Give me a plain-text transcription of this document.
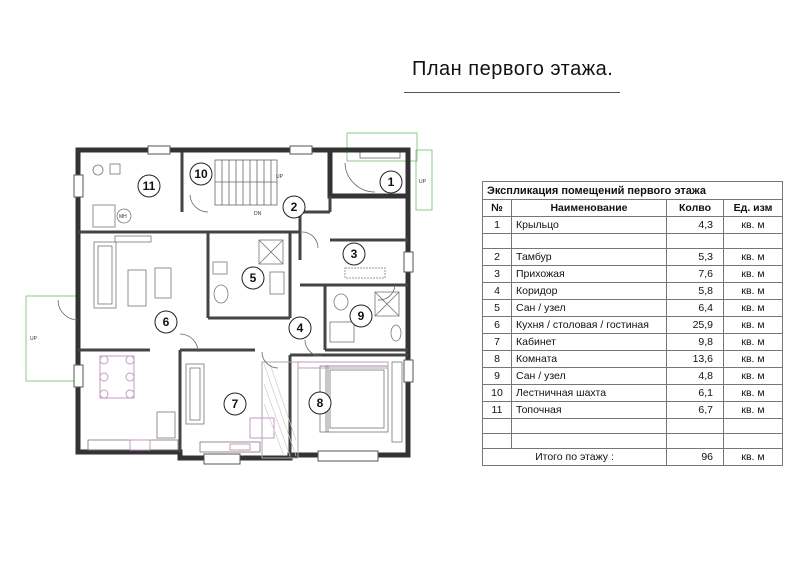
План первого этажа.
UP
UP
UP
DN
MH
1
2
3
4
5
6
7	8
9
10
11	Экспликация помещений первого этажа			
№	Наименование	Колво	Ед. изм
1	Крыльцо	4,3	кв. м

2	Тамбур	5,3	кв. м
3	Прихожая	7,6	кв. м
4	Коридор	5,8	кв. м
5	Сан / узел	6,4	кв. м
6	Кухня / столовая / гостиная	25,9	кв. м
7	Кабинет	9,8	кв. м
8	Комната	13,6	кв. м
9	Сан / узел	4,8	кв. м
10	Лестничная шахта	6,1	кв. м
11	Топочная	6,7	кв. м

Итого по этажу :		96	кв. м
